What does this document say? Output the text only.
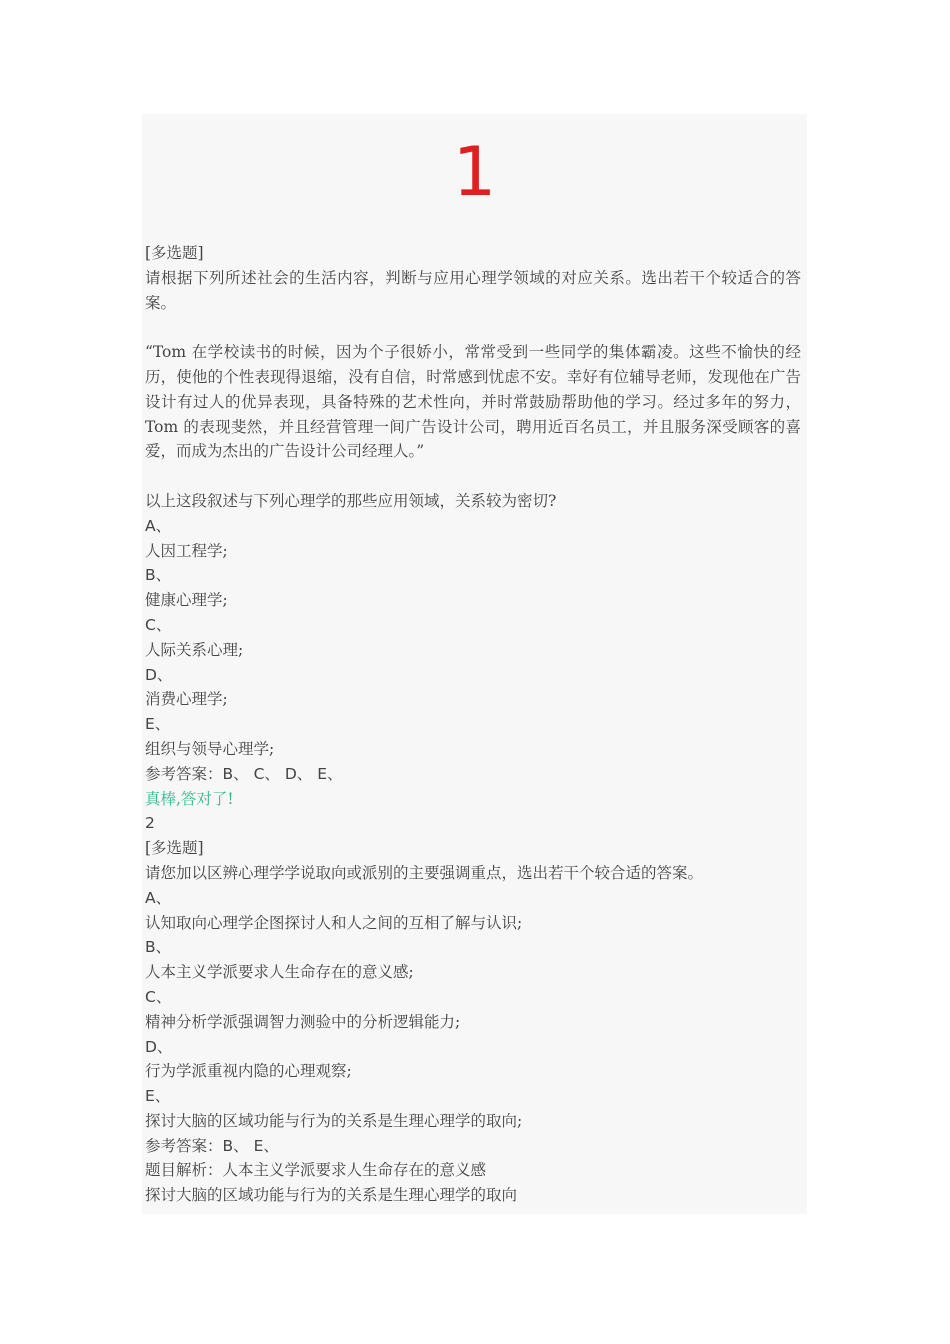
1
[多选题]
请根据下列所述社会的生活内容，判断与应用心理学领域的对应关系。选出若干个较适合的答案。
“Tom 在学校读书的时候，因为个子很娇小，常常受到一些同学的集体霸凌。这些不愉快的经历，使他的个性表现得退缩，没有自信，时常感到忧虑不安。幸好有位辅导老师，发现他在广告设计有过人的优异表现，具备特殊的艺术性向，并时常鼓励帮助他的学习。经过多年的努力，Tom 的表现斐然，并且经营管理一间广告设计公司，聘用近百名员工，并且服务深受顾客的喜爱，而成为杰出的广告设计公司经理人。”
以上这段叙述与下列心理学的那些应用领域，关系较为密切?
A、
人因工程学;
B、
健康心理学;
C、
人际关系心理;
D、
消费心理学;
E、
组织与领导心理学;
参考答案：B、 C、 D、 E、
真棒,答对了!
2
[多选题]
请您加以区辨心理学学说取向或派别的主要强调重点，选出若干个较合适的答案。
A、
认知取向心理学企图探讨人和人之间的互相了解与认识;
B、
人本主义学派要求人生命存在的意义感;
C、
精神分析学派强调智力测验中的分析逻辑能力;
D、
行为学派重视内隐的心理观察;
E、
探讨大脑的区域功能与行为的关系是生理心理学的取向;
参考答案：B、 E、
题目解析：人本主义学派要求人生命存在的意义感
探讨大脑的区域功能与行为的关系是生理心理学的取向
